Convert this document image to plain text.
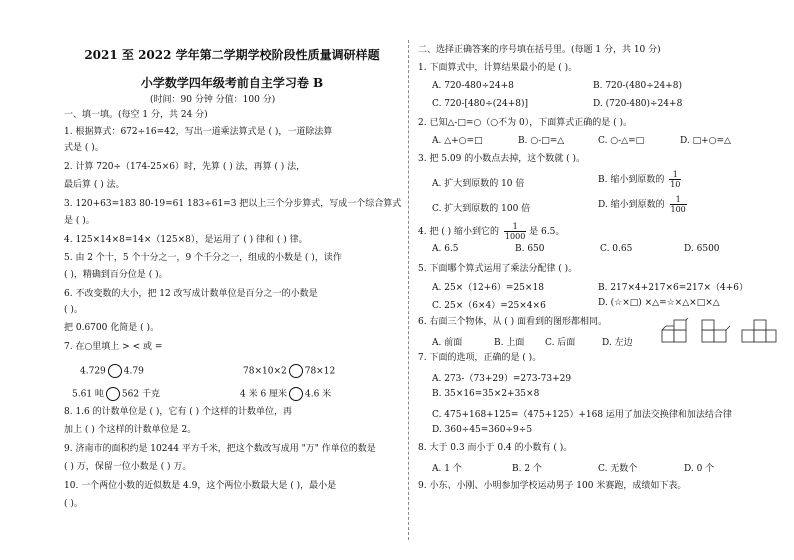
2021 至 2022 学年第二学期学校阶段性质量调研样题
小学数学四年级考前自主学习卷 B
(时间：90 分钟 分值：100 分)
一、填一填。(每空 1 分，共 24 分)
1. 根据算式：672÷16=42，写出一道乘法算式是 ( )，一道除法算
式是 ( )。
2. 计算 720÷（174-25×6）时，先算 ( ) 法，再算 ( ) 法，
最后算 ( ) 法。
3. 120+63=183 80-19=61 183÷61=3 把以上三个分步算式，写成一个综合算式
是 ( )。
4. 125×14×8=14×（125×8），是运用了 ( ) 律和 ( ) 律。
5. 由 2 个十，5 个十分之一，9 个千分之一，组成的小数是 ( )，读作
( )，精确到百分位是 ( )。
6. 不改变数的大小，把 12 改写成计数单位是百分之一的小数是
( )。
把 0.6700 化简是 ( )。
7. 在○里填上 > < 或 =
4.729 4.79	78×10×2 78×12
5.61 吨 562 千克	4 米 6 厘米 4.6 米
8. 1.6 的计数单位是 ( )，它有 ( ) 个这样的计数单位，再
加上 ( ) 个这样的计数单位是 2。
9. 济南市的面积约是 10244 平方千米，把这个数改写成用 "万" 作单位的数是
( ) 万，保留一位小数是 ( ) 万。
10. 一个两位小数的近似数是 4.9，这个两位小数最大是 ( )，最小是
( )。
二、选择正确答案的序号填在括号里。(每题 1 分，共 10 分)
1. 下面算式中，计算结果最小的是 ( )。
A. 720-480÷24+8	B. 720-(480÷24+8)
C. 720-[480÷(24+8)]	D. (720-480)÷24+8
2. 已知△-□=○（○不为 0），下面算式正确的是 ( )。
A. △+○=□	B. ○-□=△	C. ○-△=□	D. □+○=△
3. 把 5.09 的小数点去掉，这个数就 ( )。
A. 扩大到原数的 10 倍	B. 缩小到原数的 $\frac{1}{10}$
C. 扩大到原数的 100 倍	D. 缩小到原数的 $\frac{1}{100}$
4. 把 ( ) 缩小到它的 $\frac{1}{1000}$ 是 6.5。
A. 6.5	B. 650	C. 0.65	D. 6500
5. 下面哪个算式运用了乘法分配律 ( )。
A. 25×（12+6）=25×18	B. 217×4+217×6=217×（4+6）
C. 25×（6×4）=25×4×6	D. (☆×□) ×△=☆×△×□×△
6. 右面三个物体，从 ( ) 面看到的图形都相同。
A. 前面	B. 上面 C. 后面	D. 左边
7. 下面的选项，正确的是 ( )。
A. 273-（73+29）=273-73+29
B. 35×16=35×2+35×8
C. 475+168+125=（475+125）+168 运用了加法交换律和加法结合律
D. 360÷45=360÷9÷5
8. 大于 0.3 而小于 0.4 的小数有 ( )。
A. 1 个	B. 2 个	C. 无数个	D. 0 个
9. 小东、小刚、小明参加学校运动男子 100 米赛跑，成绩如下表。
